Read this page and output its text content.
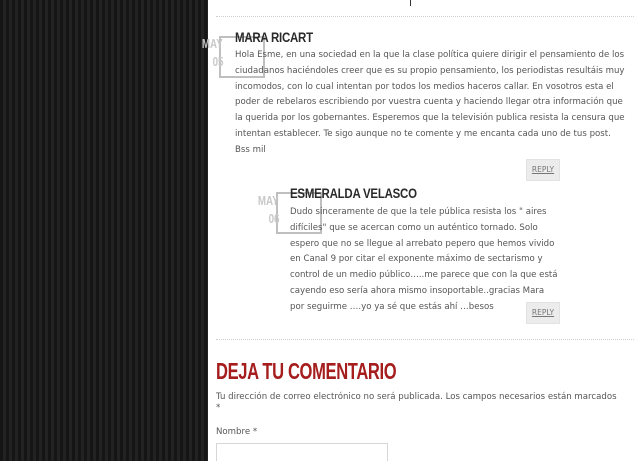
MAY
05
MARA RICART
Hola Esme, en una sociedad en la que la clase política quiere dirigir el pensamiento de los ciudadanos haciéndoles creer que es su propio pensamiento, los periodistas resultáis muy incomodos, con lo cual intentan por todos los medios haceros callar. En vosotros esta el poder de rebelaros escribiendo por vuestra cuenta y haciendo llegar otra información que la querida por los gobernantes. Esperemos que la televisión publica resista la censura que intentan establecer. Te sigo aunque no te comente y me encanta cada uno de tus post. Bss mil
REPLY
MAY
06
ESMERALDA VELASCO
Dudo sinceramente de que la tele pública resista los " aires difíciles" que se acercan como un auténtico tornado. Solo espero que no se llegue al arrebato pepero que hemos vivido en Canal 9 por citar el exponente máximo de sectarismo y control de un medio público…..me parece que con la que está cayendo eso sería ahora mismo insoportable..gracias Mara por seguirme ….yo ya sé que estás ahí …besos
REPLY
DEJA TU COMENTARIO
Tu dirección de correo electrónico no será publicada. Los campos necesarios están marcados
*
Nombre *
